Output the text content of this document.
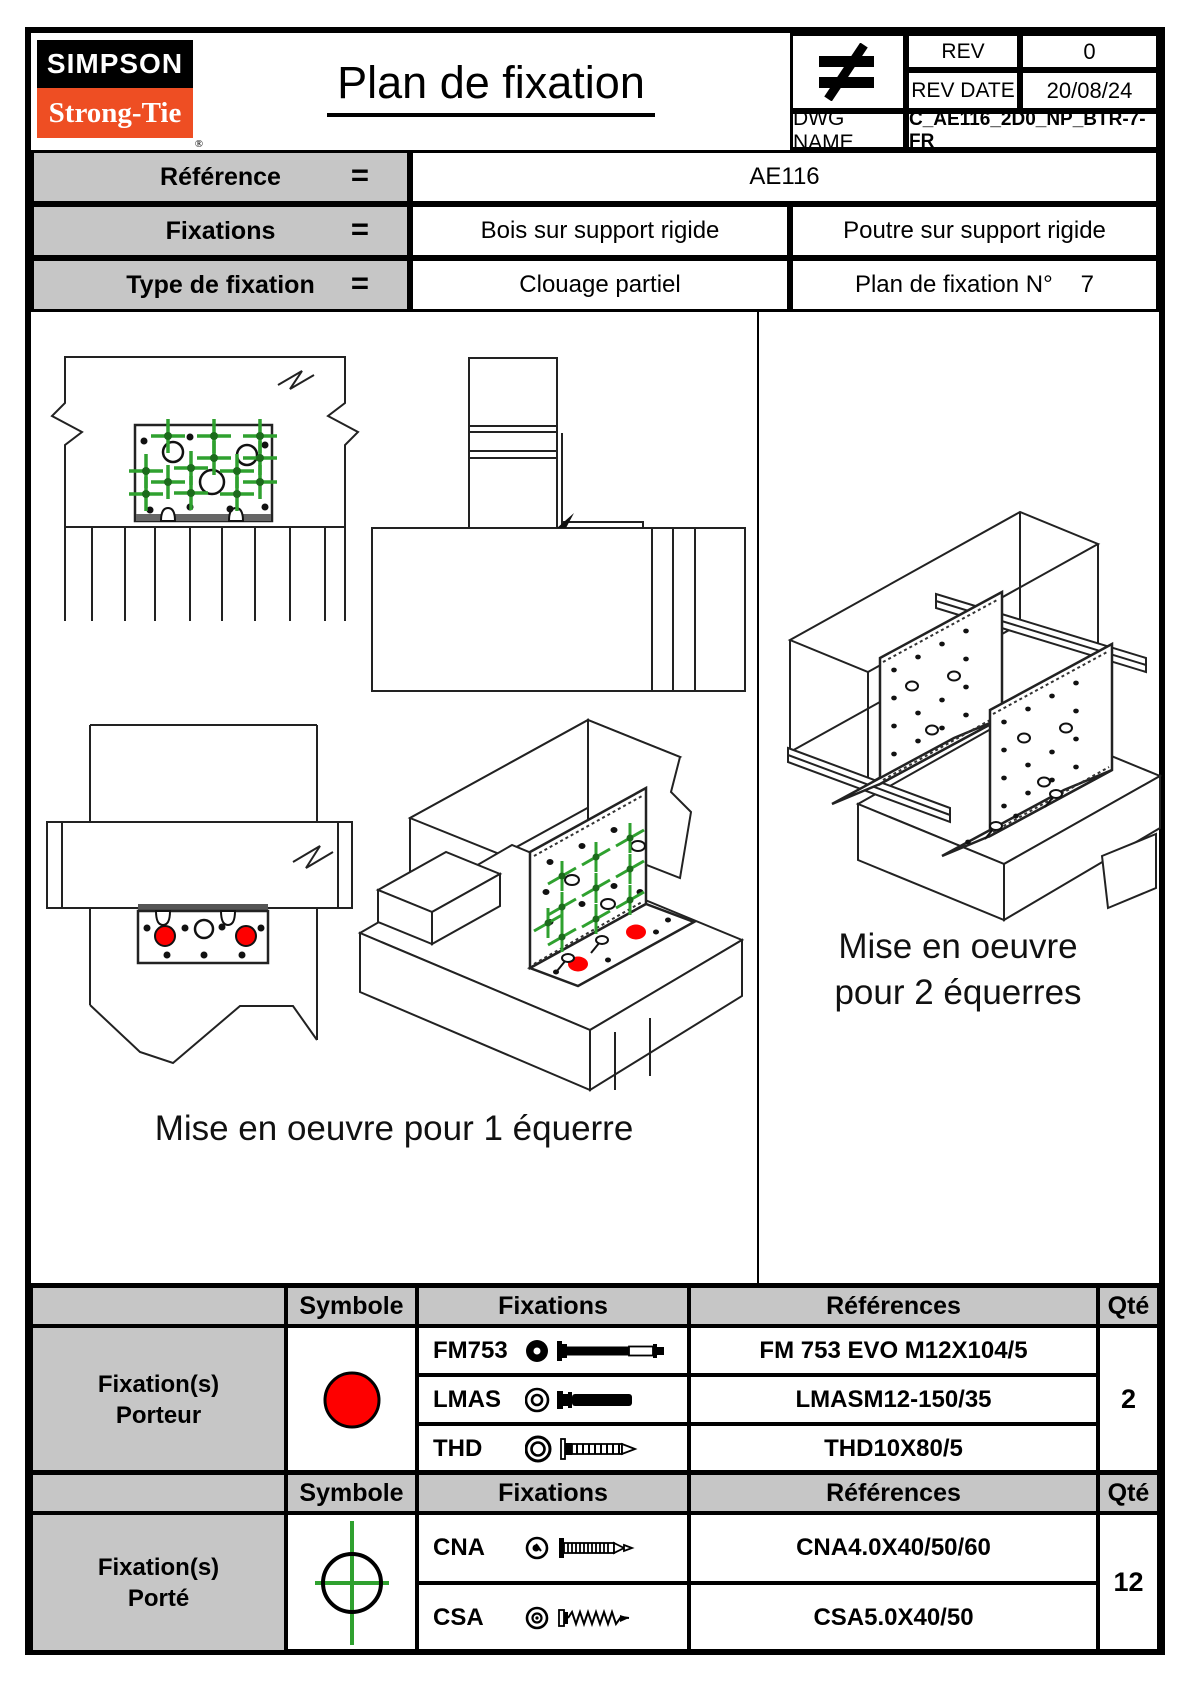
SIMPSON
Strong-Tie
®
Plan de fixation
REV	0
REV DATE	20/08/24
DWG NAME
C_AE116_2D0_NP_BTR-7-FR
Référence =	AE116
Fixations =	Bois sur support rigide	Poutre sur support rigide
Type de fixation =	Clouage partiel	Plan de fixation N° 7
Mise en oeuvre pour 1 équerre
Mise en oeuvre
pour 2 équerres
Symbole	Fixations	Références	Qté
Fixation(s)
Porteur
FM753	FM 753 EVO M12X104/5
LMAS	LMASM12-150/35
THD	THD10X80/5
2
Symbole	Fixations	Références	Qté
Fixation(s)
Porté
CNA	CNA4.0X40/50/60
CSA	CSA5.0X40/50
12
